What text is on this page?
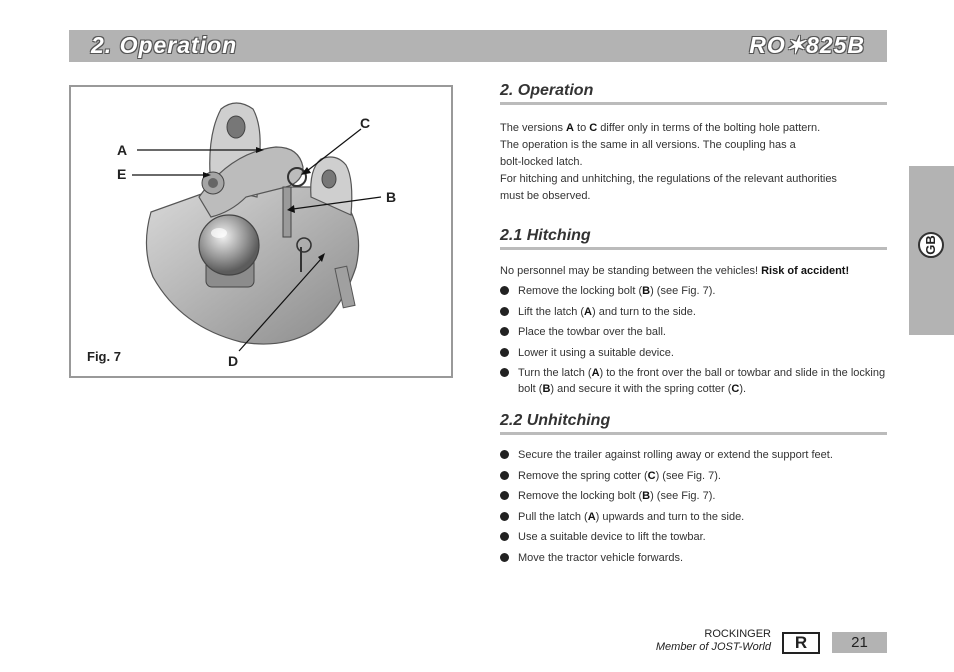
2. Operation	RO✶825B
A
E
C
B
D
Fig. 7
2. Operation

The versions A to C differ only in terms of the bolting hole pattern.

The operation is the same in all versions. The coupling has a

bolt-locked latch.

For hitching and unhitching, the regulations of the relevant authorities

must be observed.

2.1 Hitching

No personnel may be standing between the vehicles! Risk of accident!

Remove the locking bolt (B) (see Fig. 7).
Lift the latch (A) and turn to the side.
Place the towbar over the ball.
Lower it using a suitable device.
Turn the latch (A) to the front over the ball or towbar and slide in the locking bolt (B) and secure it with the spring cotter (C).
2.2 Unhitching
Secure the trailer against rolling away or extend the support feet.
Remove the spring cotter (C) (see Fig. 7).
Remove the locking bolt (B) (see Fig. 7).
Pull the latch (A) upwards and turn to the side.
Use a suitable device to lift the towbar.
Move the tractor vehicle forwards.
GB
ROCKINGER
Member of JOST-World	R	21
